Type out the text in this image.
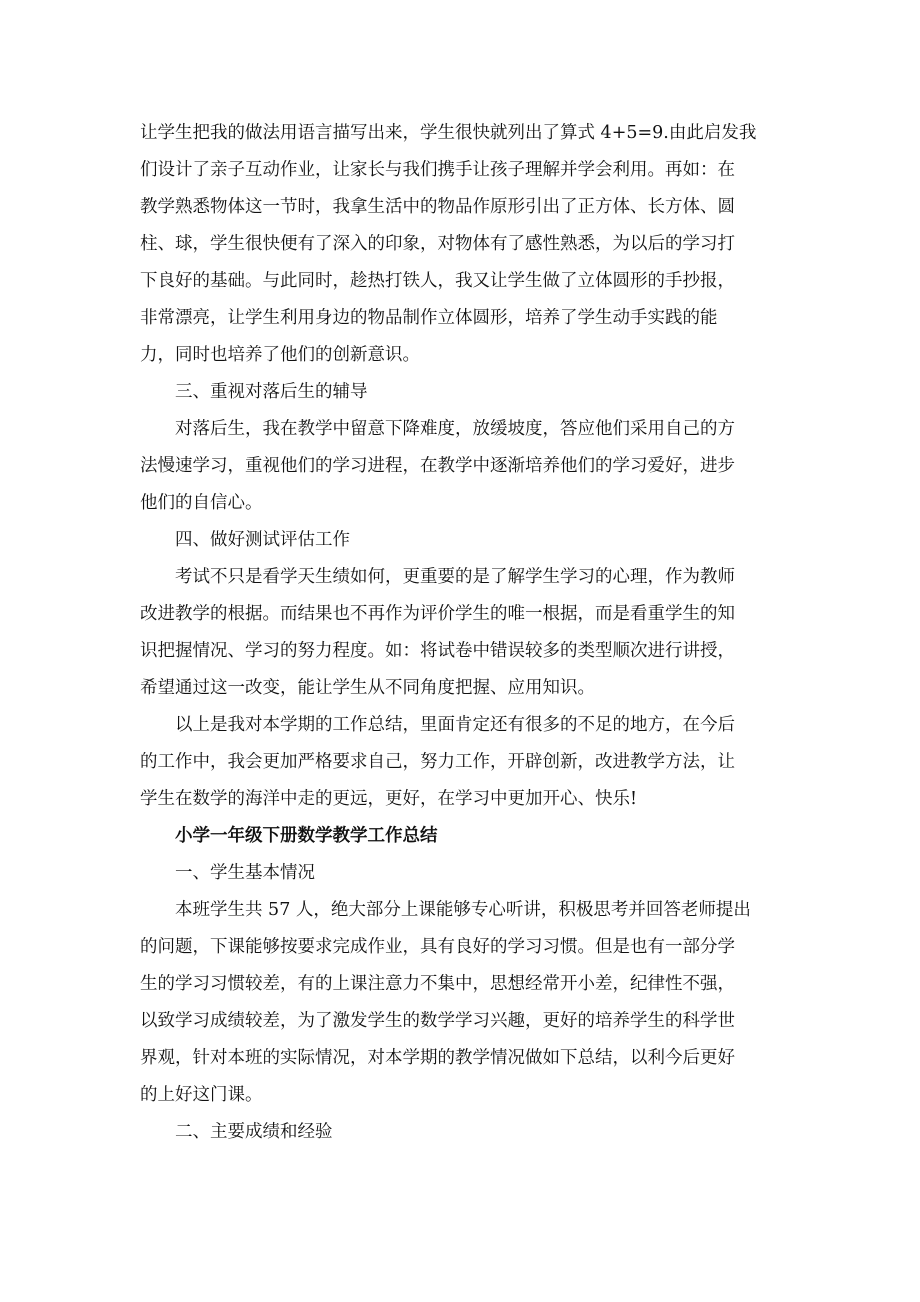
让学生把我的做法用语言描写出来，学生很快就列出了算式 4+5=9.由此启发我
们设计了亲子互动作业，让家长与我们携手让孩子理解并学会利用。再如：在
教学熟悉物体这一节时，我拿生活中的物品作原形引出了正方体、长方体、圆
柱、球，学生很快便有了深入的印象，对物体有了感性熟悉，为以后的学习打
下良好的基础。与此同时，趁热打铁人，我又让学生做了立体圆形的手抄报，
非常漂亮，让学生利用身边的物品制作立体圆形，培养了学生动手实践的能
力，同时也培养了他们的创新意识。
三、重视对落后生的辅导
对落后生，我在教学中留意下降难度，放缓坡度，答应他们采用自己的方
法慢速学习，重视他们的学习进程，在教学中逐渐培养他们的学习爱好，进步
他们的自信心。
四、做好测试评估工作
考试不只是看学天生绩如何，更重要的是了解学生学习的心理，作为教师
改进教学的根据。而结果也不再作为评价学生的唯一根据，而是看重学生的知
识把握情况、学习的努力程度。如：将试卷中错误较多的类型顺次进行讲授，
希望通过这一改变，能让学生从不同角度把握、应用知识。
以上是我对本学期的工作总结，里面肯定还有很多的不足的地方，在今后
的工作中，我会更加严格要求自己，努力工作，开辟创新，改进教学方法，让
学生在数学的海洋中走的更远，更好，在学习中更加开心、快乐!
小学一年级下册数学教学工作总结
一、学生基本情况
本班学生共 57 人，绝大部分上课能够专心听讲，积极思考并回答老师提出
的问题，下课能够按要求完成作业，具有良好的学习习惯。但是也有一部分学
生的学习习惯较差，有的上课注意力不集中，思想经常开小差，纪律性不强，
以致学习成绩较差，为了激发学生的数学学习兴趣，更好的培养学生的科学世
界观，针对本班的实际情况，对本学期的教学情况做如下总结，以利今后更好
的上好这门课。
二、主要成绩和经验
